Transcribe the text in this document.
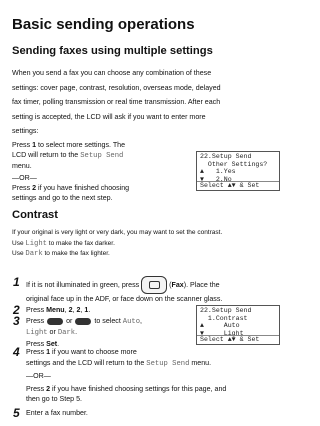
Basic sending operations
Sending faxes using multiple settings
When you send a fax you can choose any combination of these
settings: cover page, contrast, resolution, overseas mode, delayed
fax timer, polling transmission or real time transmission. After each
setting is accepted, the LCD will ask if you want to enter more
settings:
Press 1 to select more settings. The
LCD will return to the Setup Send
menu.
—OR—
Press 2 if you have finished choosing
settings and go to the next step.
22.Setup Send
Other Settings?
▲ 1.Yes
▼ 2.No
Select ▲▼ & Set
Contrast
If your original is very light or very dark, you may want to set the contrast.
Use Light to make the fax darker.
Use Dark to make the fax lighter.
1 If it is not illuminated in green, press	(Fax). Place the
original face up in the ADF, or face down on the scanner glass.
2 Press Menu, 2, 2, 1.
3 Press	or	to select Auto,
Light or Dark.
Press Set.
22.Setup Send
1.Contrast
▲ Auto
▼ Light
Select ▲▼ & Set
4 Press 1 if you want to choose more
settings and the LCD will return to the Setup Send menu.
—OR—
Press 2 if you have finished choosing settings for this page, and
then go to Step 5.
5 Enter a fax number.
